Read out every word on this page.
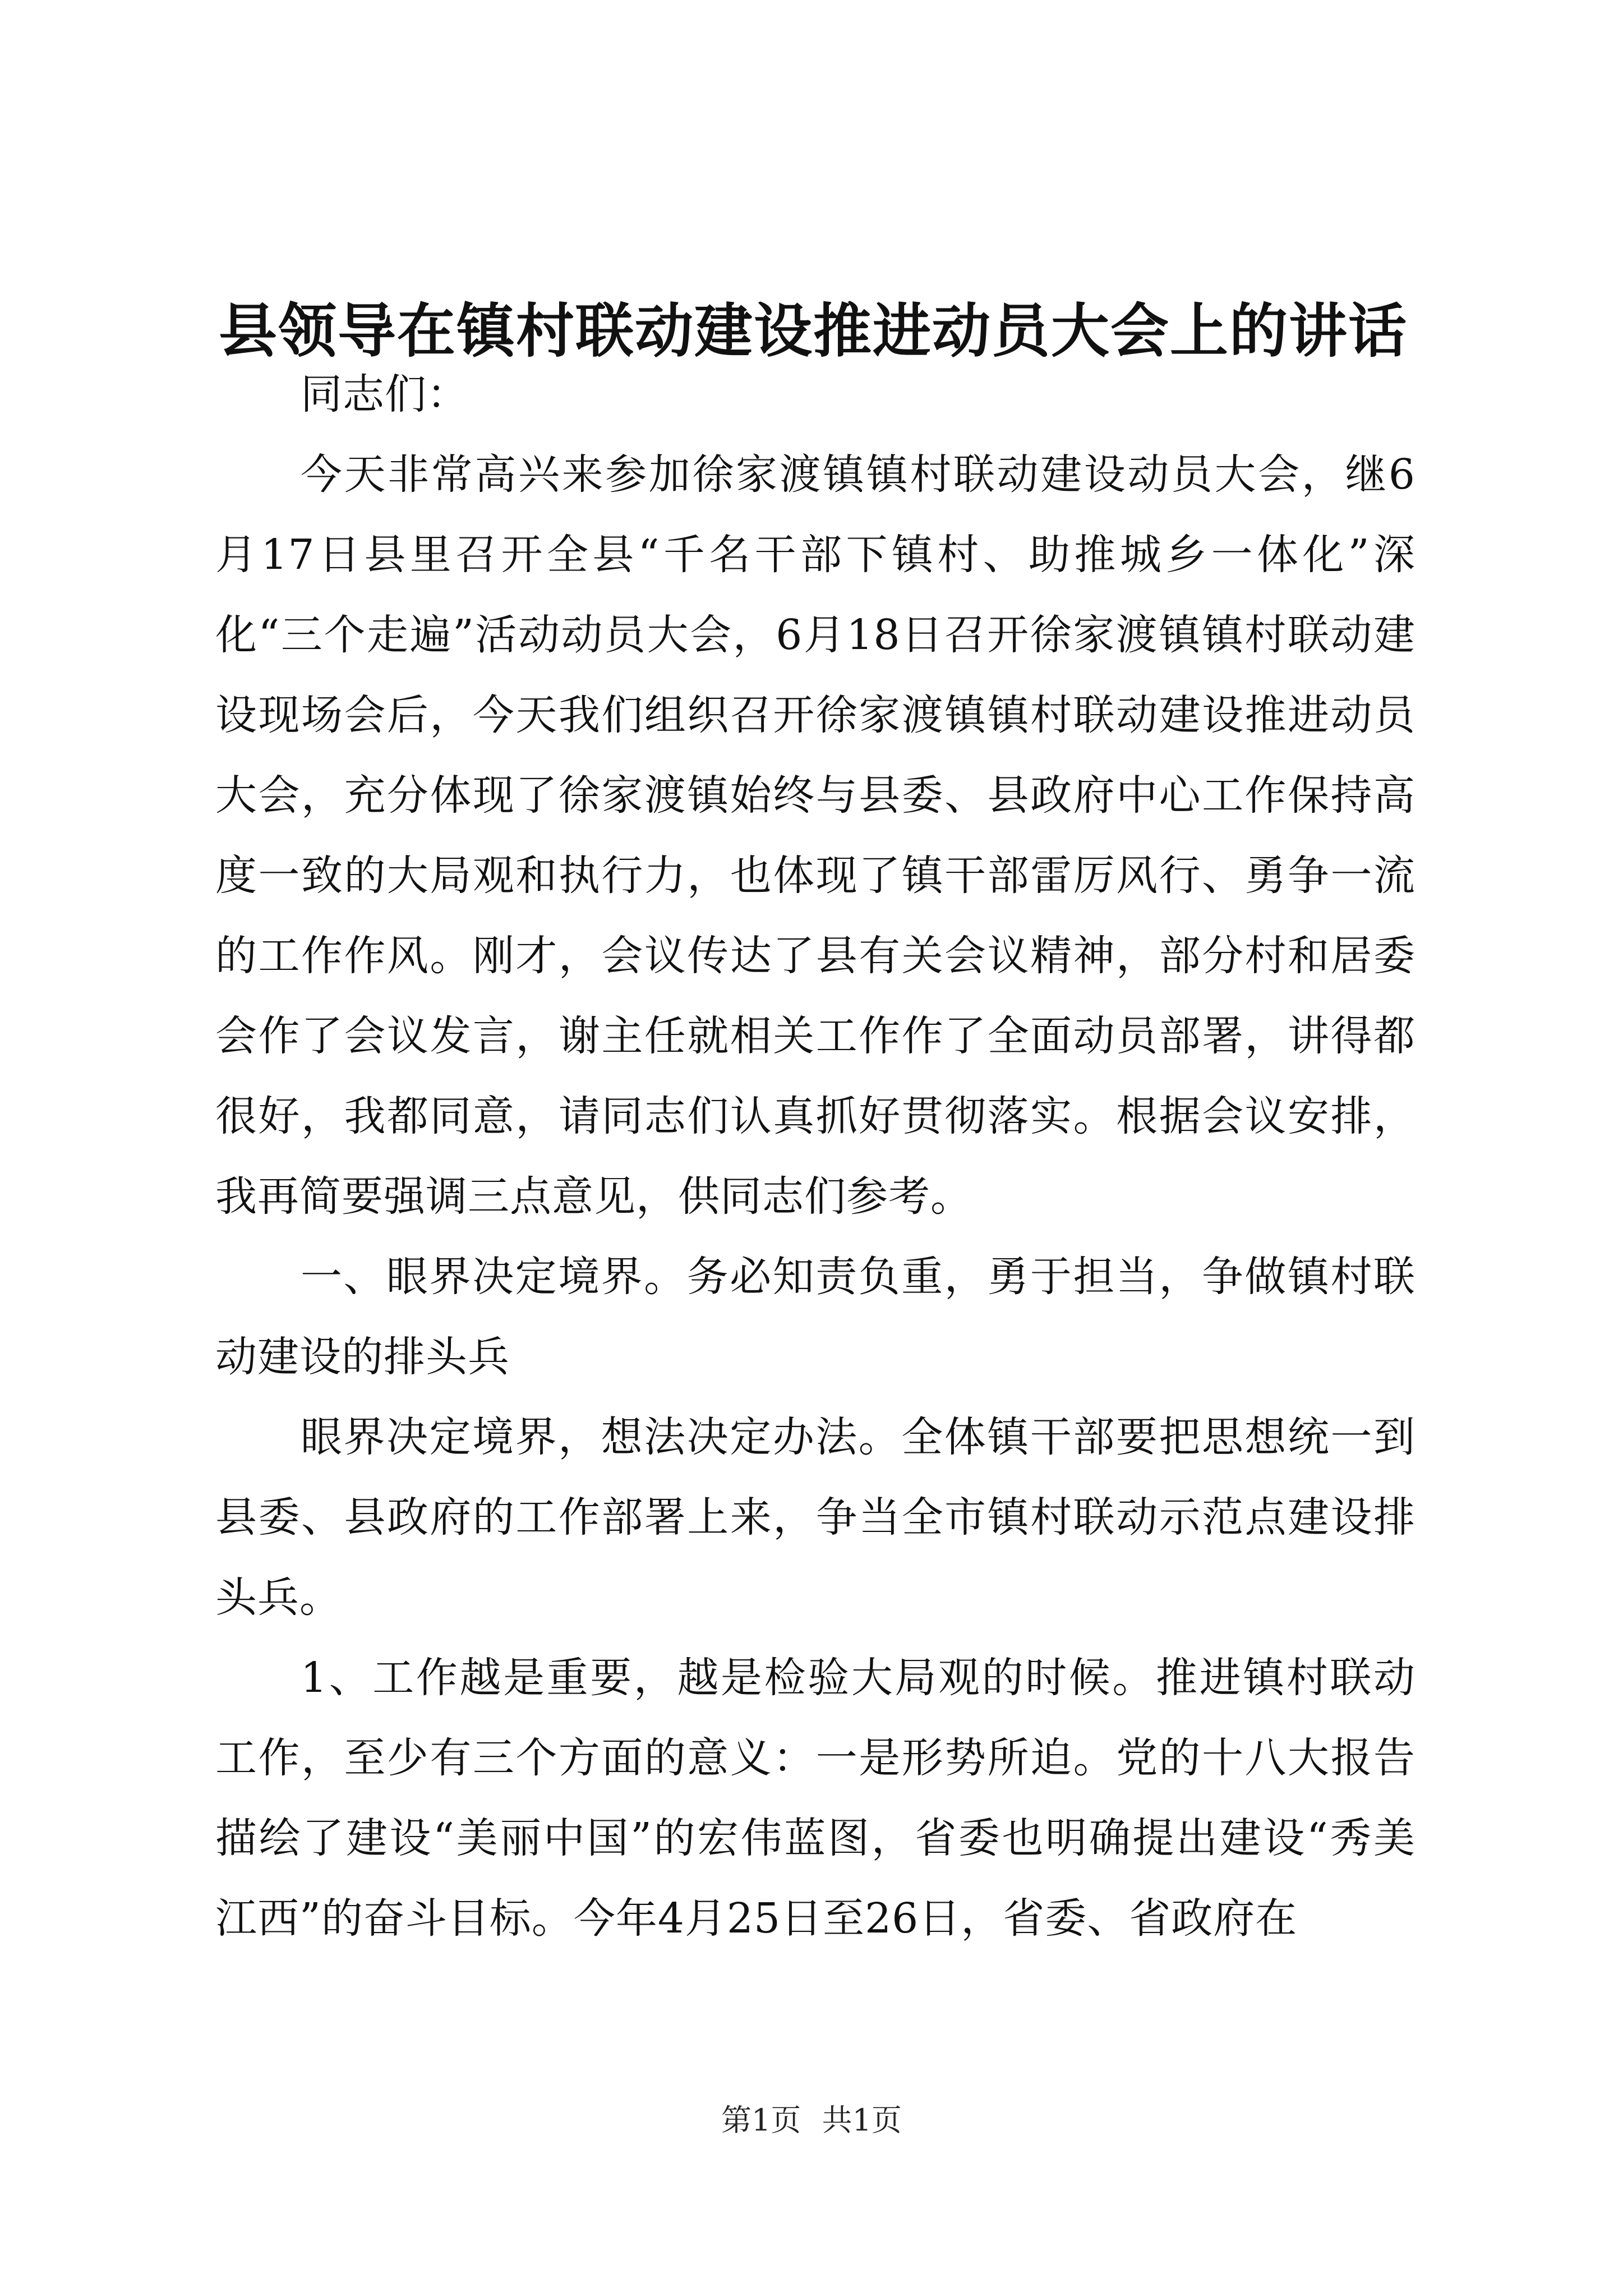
县领导在镇村联动建设推进动员大会上的讲话

同志们：

今天非常高兴来参加徐家渡镇镇村联动建设动员大会，继6月17日县里召开全县“千名干部下镇村、助推城乡一体化”深化“三个走遍”活动动员大会，6月18日召开徐家渡镇镇村联动建设现场会后，今天我们组织召开徐家渡镇镇村联动建设推进动员大会，充分体现了徐家渡镇始终与县委、县政府中心工作保持高度一致的大局观和执行力，也体现了镇干部雷厉风行、勇争一流的工作作风。刚才，会议传达了县有关会议精神，部分村和居委会作了会议发言，谢主任就相关工作作了全面动员部署，讲得都很好，我都同意，请同志们认真抓好贯彻落实。根据会议安排，我再简要强调三点意见，供同志们参考。

一、眼界决定境界。务必知责负重，勇于担当，争做镇村联动建设的排头兵

眼界决定境界，想法决定办法。全体镇干部要把思想统一到县委、县政府的工作部署上来，争当全市镇村联动示范点建设排头兵。

1、工作越是重要，越是检验大局观的时候。推进镇村联动工作，至少有三个方面的意义：一是形势所迫。党的十八大报告描绘了建设“美丽中国”的宏伟蓝图，省委也明确提出建设“秀美江西”的奋斗目标。今年4月25日至26日，省委、省政府在

第1页 共1页
